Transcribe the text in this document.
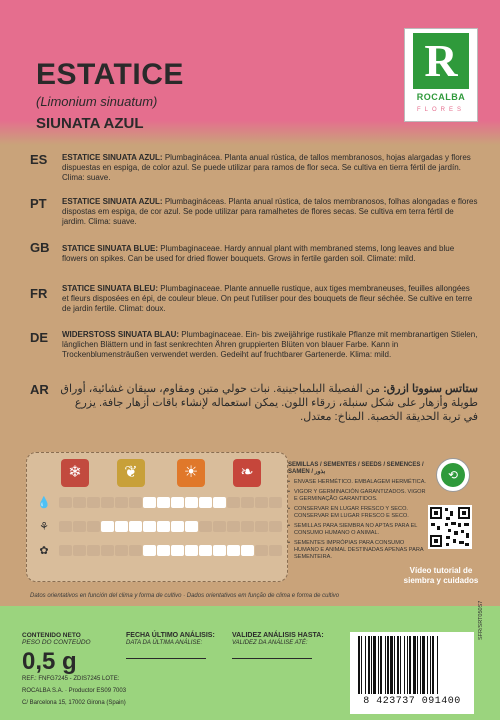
ESTATICE
(Limonium sinuatum)
SIUNATA AZUL
R
ROCALBA
FLORES
ES ESTATICE SINUATA AZUL: Plumbaginácea. Planta anual rústica, de tallos membranosos, hojas alargadas y flores dispuestas en espiga, de color azul. Se puede utilizar para ramos de flor seca. Se cultiva en tierra fértil de jardín. Clima: suave.
PT ESTATICE SINUATA AZUL: Plumbagináceas. Planta anual rústica, de talos membranosos, folhas alongadas e flores dispostas em espiga, de cor azul. Se pode utilizar para ramalhetes de flores secas. Se cultiva em terra fértil de jardim. Clima: suave.
GB STATICE SINUATA BLUE: Plumbaginaceae. Hardy annual plant with membraned stems, long leaves and blue flowers on spikes. Can be used for dried flower bouquets. Grows in fertile garden soil. Climate: mild.
FR STATICE SINUATA BLEU: Plumbaginaceae. Plante annuelle rustique, aux tiges membraneuses, feuilles allongées et fleurs disposées en épi, de couleur bleue. On peut l'utiliser pour des bouquets de fleur séchée. Se cultive en terre de jardin fertile. Climat: doux.
DE WIDERSTOSS SINUATA BLAU: Plumbaginaceae. Ein- bis zweijährige rustikale Pflanze mit membranartigen Stielen, länglichen Blättern und in fast senkrechten Ähren gruppierten Blüten von blauer Farbe. Kann in Trockenblumensträußen verwendet werden. Gedeiht auf fruchtbarer Gartenerde. Klima: mild.
AR	ستاتس سنووتا ازرق: من الفصيلة البلمباجينية. نبات حولي متين ومقاوم، سيقان غشائية، أوراق طويلة وأزهار على شكل سنبلة، زرقاء اللون. يمكن استعماله لإنشاء باقات أزهار جافة. يزرع في تربة الحديقة الخصبة. المناخ: معتدل.
❄	❦	☀	❧
💧
⚘
✿
SEMILLAS / SEMENTES / SEEDS / SEMENCES / SAMEN / بذور
• ENVASE HERMÉTICO. EMBALAGEM HERMÉTICA.
• VIGOR Y GERMINACIÓN GARANTIZADOS. VIGOR E GERMINAÇÃO GARANTIDOS.
• CONSERVAR EN LUGAR FRESCO Y SECO. CONSERVAR EM LUGAR FRESCO E SECO.
• SEMILLAS PARA SIEMBRA NO APTAS PARA EL CONSUMO HUMANO O ANIMAL.
• SEMENTES IMPRÓPIAS PARA CONSUMO HUMANO E ANIMAL DESTINADAS APENAS PARA SEMENTEIRA.
⟲
Vídeo tutorial de
siembra y cuidados
Datos orientativos en función del clima y forma de cultivo · Dados orientativos em função de clima e forma de cultivo
CONTENIDO NETO
PESO DO CONTEÚDO
0,5 g
REF.: FNFG7245 - ZDIS7245 LOTE:
ROCALBA S.A. · Productor ES09 7003
C/ Barcelona 15, 17002 Girona (Spain)
FECHA ÚLTIMO ANÁLISIS:
DATA DA ÚLTIMA ANÁLISE:
VALIDEZ ANÁLISIS HASTA:
VALIDEZ DA ANÁLISE ATÉ:
8 423737 091400
SFR/SRT050S7
